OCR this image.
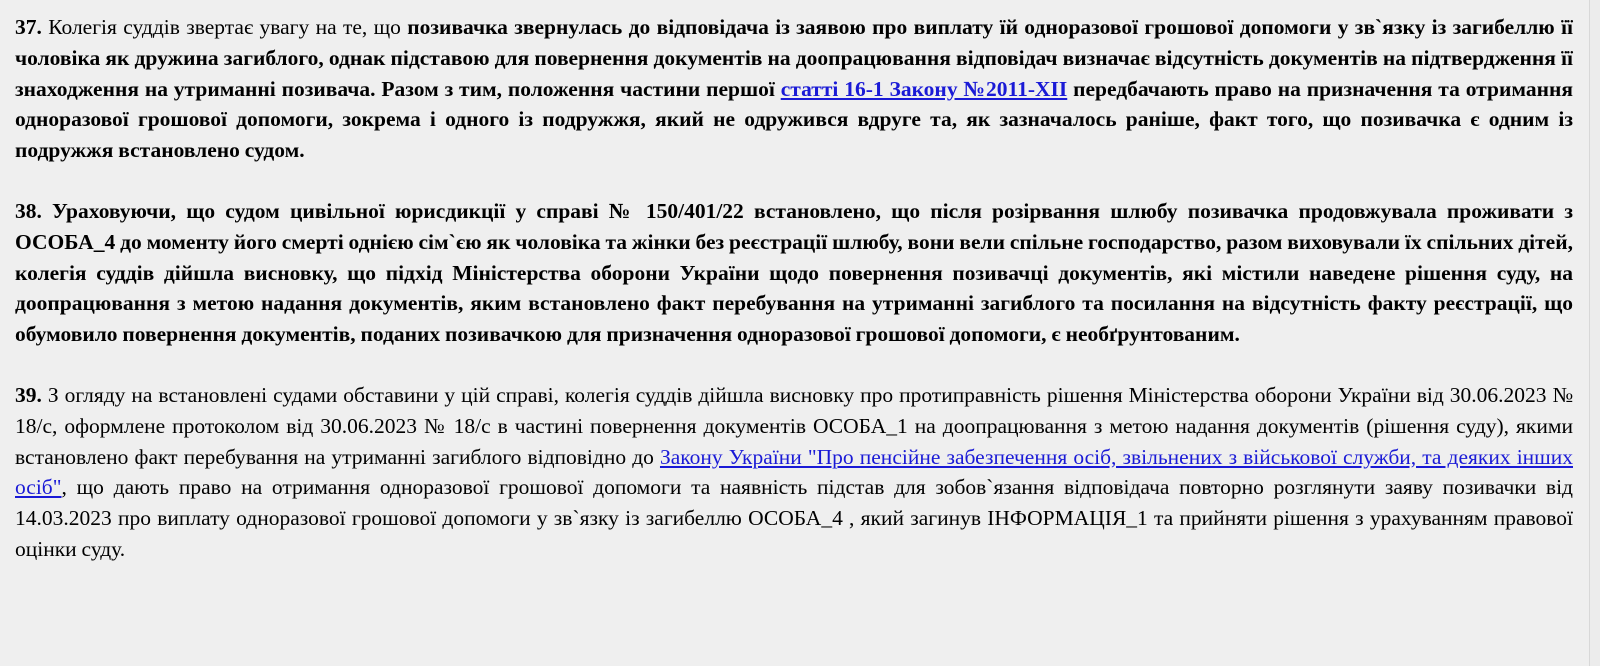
37. Колегія суддів звертає увагу на те, що позивачка звернулась до відповідача із заявою про виплату їй одноразової грошової допомоги у зв`язку із загибеллю її чоловіка як дружина загиблого, однак підставою для повернення документів на доопрацювання відповідач визначає відсутність документів на підтвердження її знаходження на утриманні позивача. Разом з тим, положення частини першої статті 16-1 Закону №2011-XII передбачають право на призначення та отримання одноразової грошової допомоги, зокрема і одного із подружжя, який не одружився вдруге та, як зазначалось раніше, факт того, що позивачка є одним із подружжя встановлено судом.

38. Ураховуючи, що судом цивільної юрисдикції у справі № 150/401/22 встановлено, що після розірвання шлюбу позивачка продовжувала проживати з ОСОБА_4 до моменту його смерті однією сім`єю як чоловіка та жінки без реєстрації шлюбу, вони вели спільне господарство, разом виховували їх спільних дітей, колегія суддів дійшла висновку, що підхід Міністерства оборони України щодо повернення позивачці документів, які містили наведене рішення суду, на доопрацювання з метою надання документів, яким встановлено факт перебування на утриманні загиблого та посилання на відсутність факту реєстрації, що обумовило повернення документів, поданих позивачкою для призначення одноразової грошової допомоги, є необґрунтованим.

39. З огляду на встановлені судами обставини у цій справі, колегія суддів дійшла висновку про протиправність рішення Міністерства оборони України від 30.06.2023 № 18/с, оформлене протоколом від 30.06.2023 № 18/с в частині повернення документів ОСОБА_1 на доопрацювання з метою надання документів (рішення суду), якими встановлено факт перебування на утриманні загиблого відповідно до Закону України "Про пенсійне забезпечення осіб, звільнених з військової служби, та деяких інших осіб", що дають право на отримання одноразової грошової допомоги та наявність підстав для зобов`язання відповідача повторно розглянути заяву позивачки від 14.03.2023 про виплату одноразової грошової допомоги у зв`язку із загибеллю ОСОБА_4 , який загинув ІНФОРМАЦІЯ_1 та прийняти рішення з урахуванням правової оцінки суду.
